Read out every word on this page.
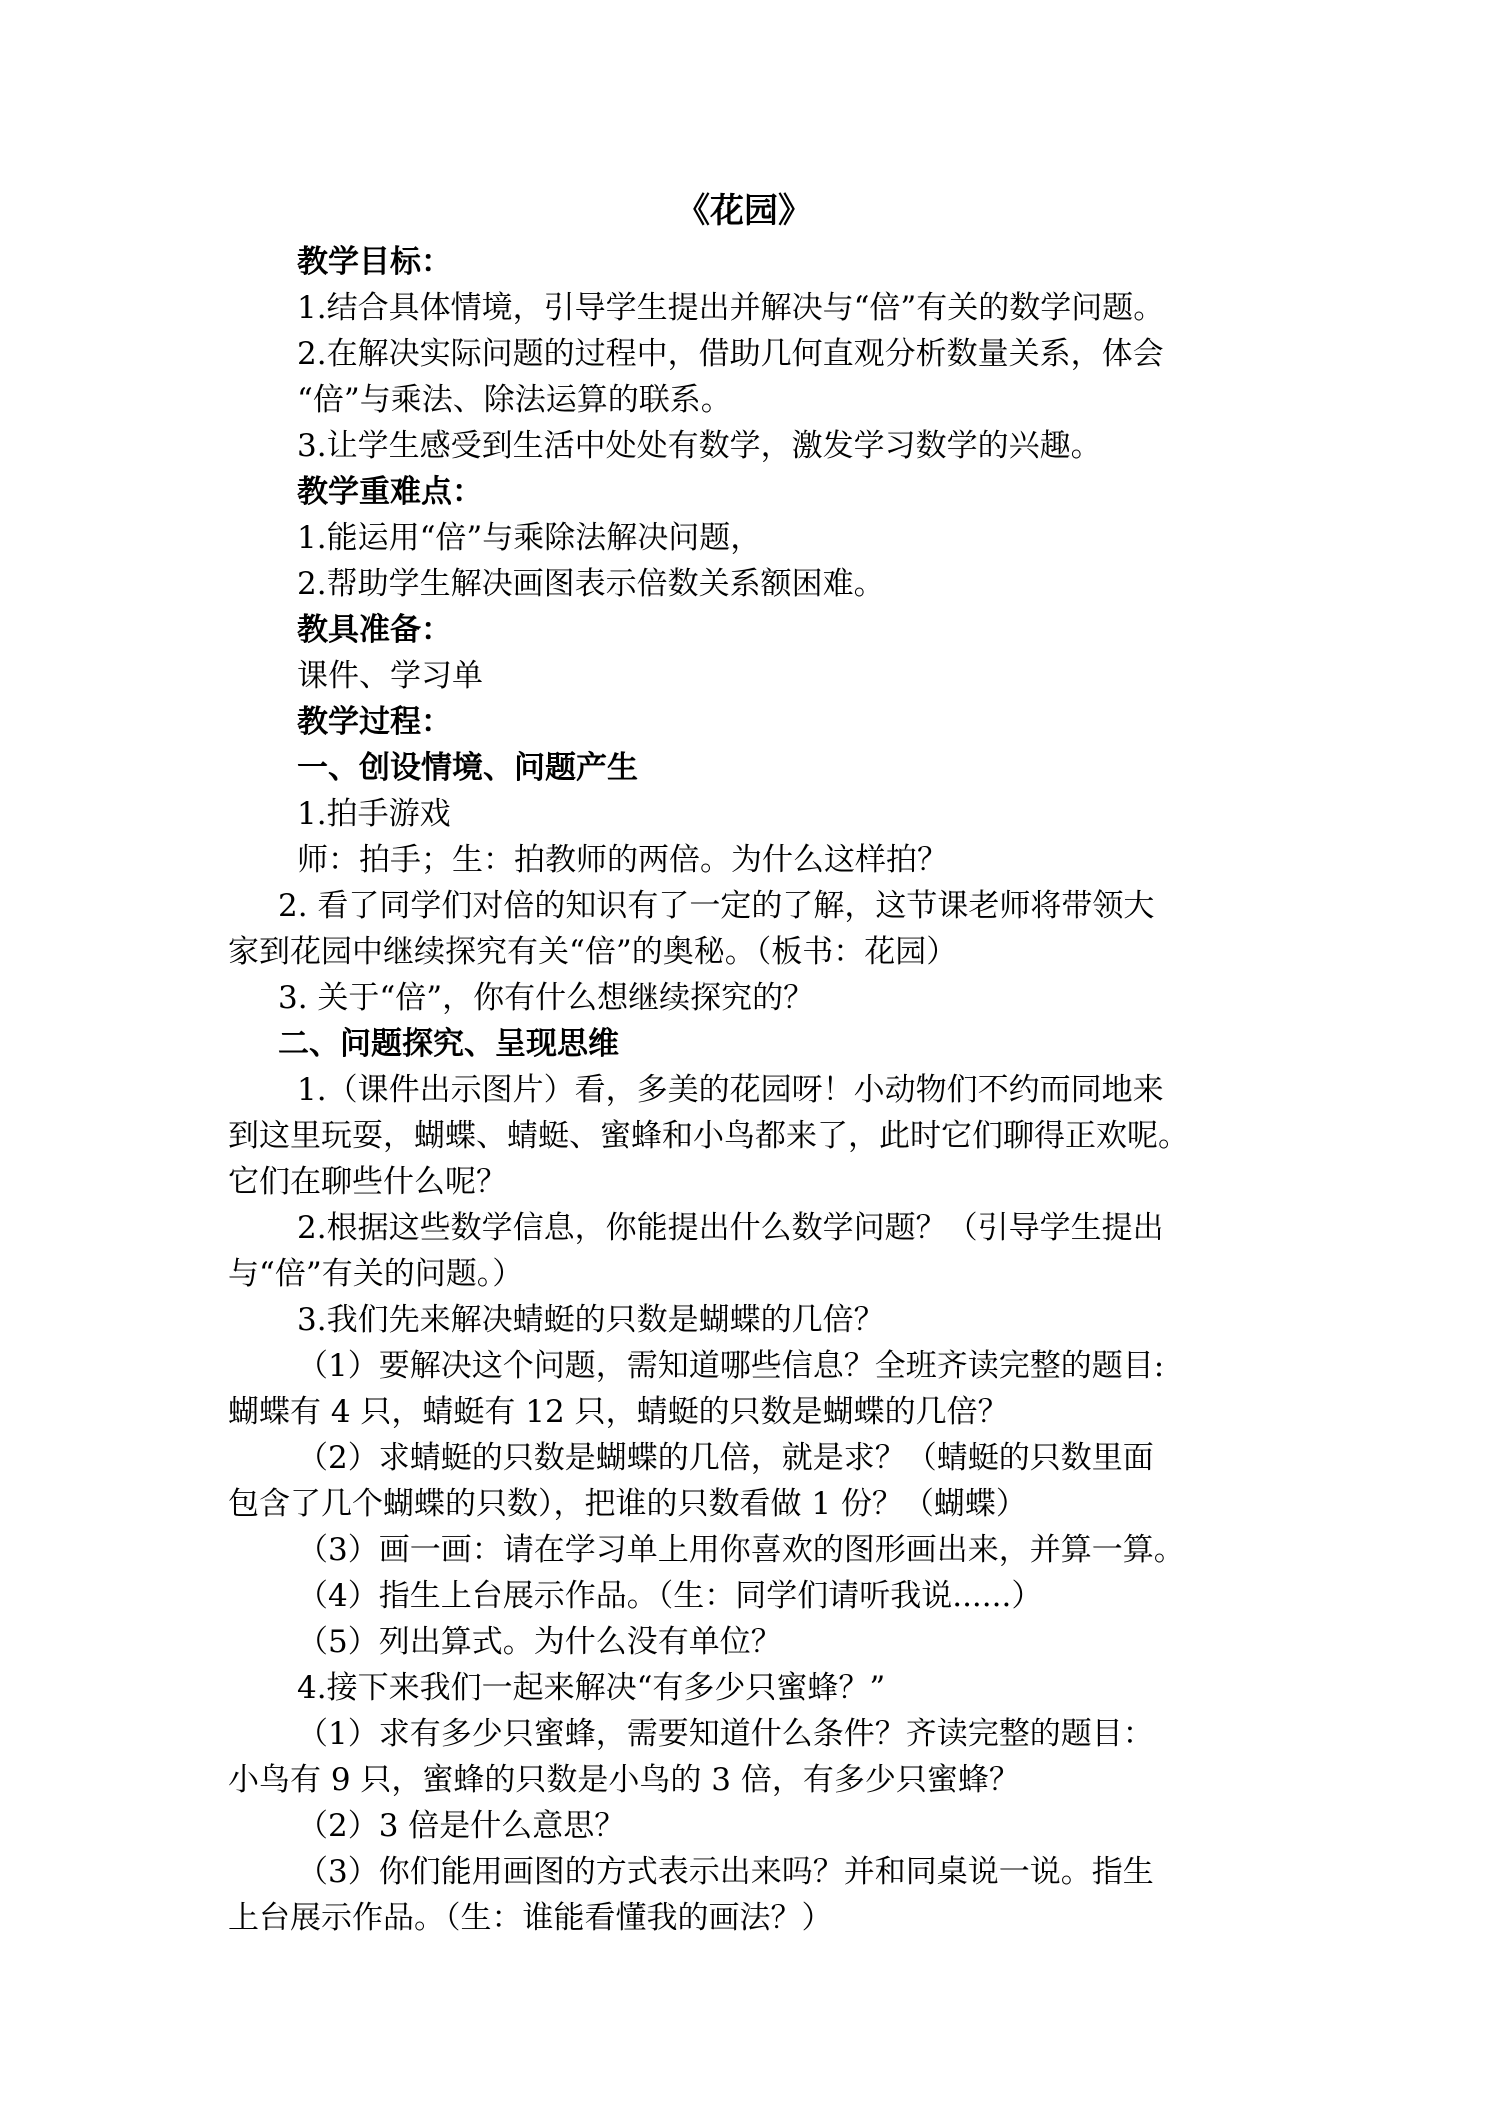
《花园》
教学目标：
1.结合具体情境，引导学生提出并解决与“倍”有关的数学问题。
2.在解决实际问题的过程中，借助几何直观分析数量关系，体会
“倍”与乘法、除法运算的联系。
3.让学生感受到生活中处处有数学，激发学习数学的兴趣。
教学重难点：
1.能运用“倍”与乘除法解决问题，
2.帮助学生解决画图表示倍数关系额困难。
教具准备：
课件、学习单
教学过程：
一、创设情境、问题产生
1.拍手游戏
师：拍手；生：拍教师的两倍。为什么这样拍？
2. 看了同学们对倍的知识有了一定的了解，这节课老师将带领大
家到花园中继续探究有关“倍”的奥秘。（板书：花园）
3. 关于“倍”，你有什么想继续探究的？
二、问题探究、呈现思维
1.（课件出示图片）看，多美的花园呀！小动物们不约而同地来
到这里玩耍，蝴蝶、蜻蜓、蜜蜂和小鸟都来了，此时它们聊得正欢呢。
它们在聊些什么呢？
2.根据这些数学信息，你能提出什么数学问题？（引导学生提出
与“倍”有关的问题。）
3.我们先来解决蜻蜓的只数是蝴蝶的几倍？
（1）要解决这个问题，需知道哪些信息？全班齐读完整的题目:
蝴蝶有 4 只，蜻蜓有 12 只，蜻蜓的只数是蝴蝶的几倍？
（2）求蜻蜓的只数是蝴蝶的几倍，就是求？（蜻蜓的只数里面
包含了几个蝴蝶的只数），把谁的只数看做 1 份？（蝴蝶）
（3）画一画：请在学习单上用你喜欢的图形画出来，并算一算。
（4）指生上台展示作品。（生：同学们请听我说......）
（5）列出算式。为什么没有单位？
4.接下来我们一起来解决“有多少只蜜蜂？”
（1）求有多少只蜜蜂，需要知道什么条件？齐读完整的题目：
小鸟有 9 只，蜜蜂的只数是小鸟的 3 倍，有多少只蜜蜂？
（2）3 倍是什么意思？
（3）你们能用画图的方式表示出来吗？并和同桌说一说。指生
上台展示作品。（生：谁能看懂我的画法？）
